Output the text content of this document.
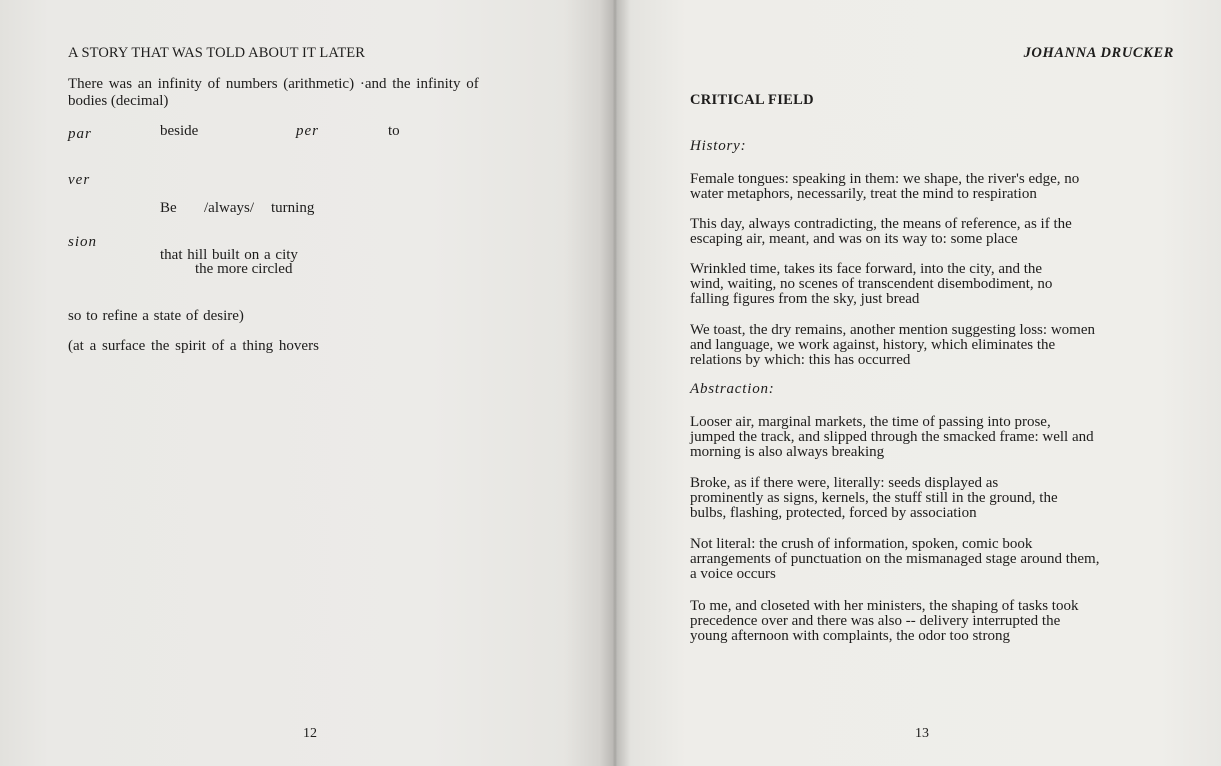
A STORY THAT WAS TOLD ABOUT IT LATER
There was an infinity of numbers (arithmetic) ·and the infinity of
bodies (decimal)
par	beside	per	to
ver
Be /always/ turning
sion
that hill built on a city
the more circled
so to refine a state of desire)
(at a surface the spirit of a thing hovers
12
JOHANNA DRUCKER
CRITICAL FIELD
History:
Female tongues: speaking in them: we shape, the river's edge, no
water metaphors, necessarily, treat the mind to respiration
This day, always contradicting, the means of reference, as if the
escaping air, meant, and was on its way to: some place
Wrinkled time, takes its face forward, into the city, and the
wind, waiting, no scenes of transcendent disembodiment, no
falling figures from the sky, just bread
We toast, the dry remains, another mention suggesting loss: women
and language, we work against, history, which eliminates the
relations by which: this has occurred
Abstraction:
Looser air, marginal markets, the time of passing into prose,
jumped the track, and slipped through the smacked frame: well and
morning is also always breaking
Broke, as if there were, literally: seeds displayed as
prominently as signs, kernels, the stuff still in the ground, the
bulbs, flashing, protected, forced by association
Not literal: the crush of information, spoken, comic book
arrangements of punctuation on the mismanaged stage around them,
a voice occurs
To me, and closeted with her ministers, the shaping of tasks took
precedence over and there was also -- delivery interrupted the
young afternoon with complaints, the odor too strong
13
